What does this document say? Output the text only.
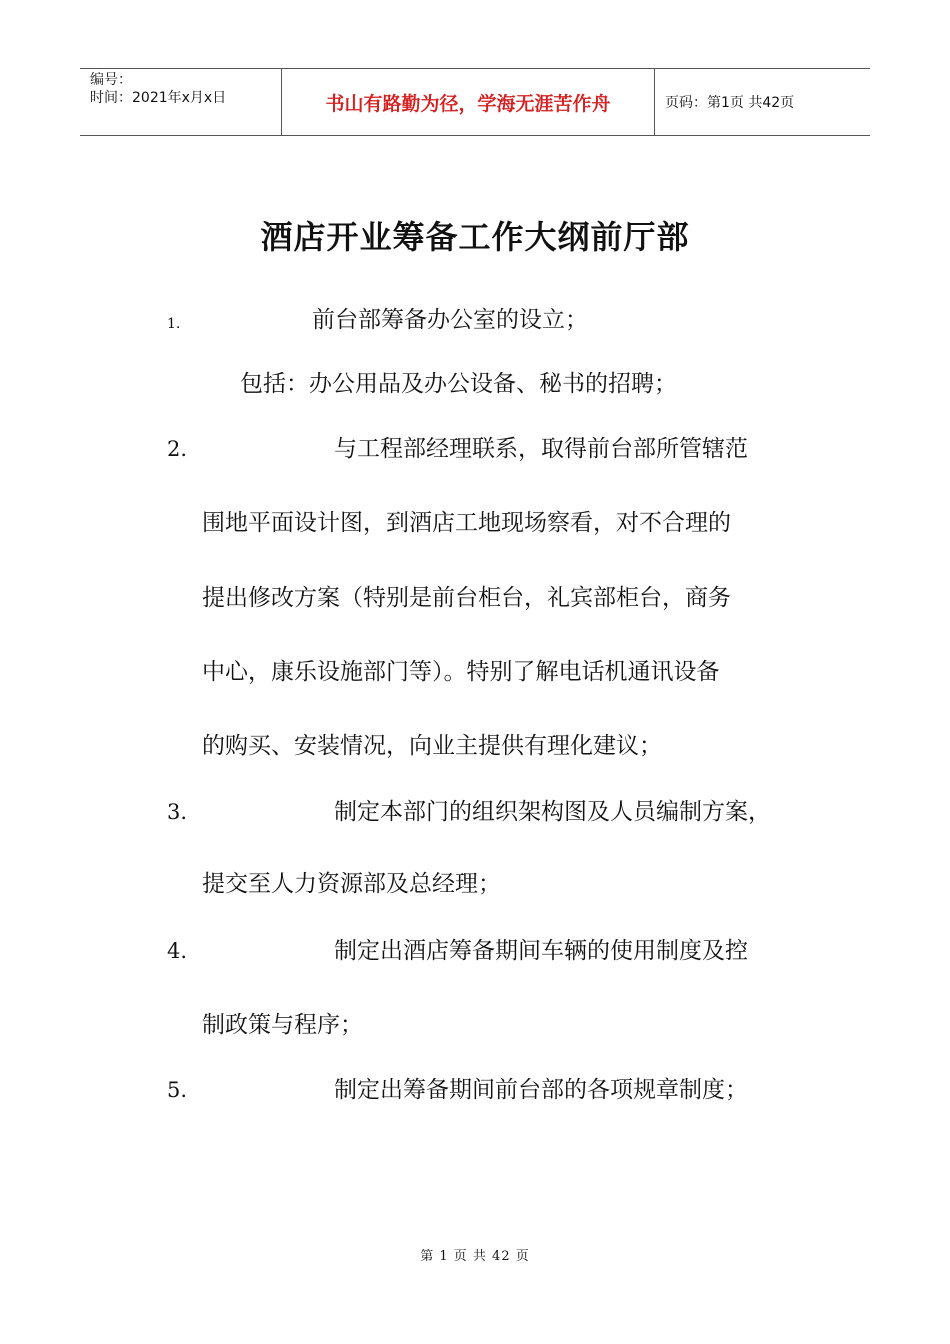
编号：
时间：2021年x月x日	书山有路勤为径，学海无涯苦作舟	页码：第1页 共42页
酒店开业筹备工作大纲前厅部
1.	前台部筹备办公室的设立；
包括：办公用品及办公设备、秘书的招聘；
2.	与工程部经理联系，取得前台部所管辖范
围地平面设计图，到酒店工地现场察看，对不合理的
提出修改方案（特别是前台柜台，礼宾部柜台，商务
中心，康乐设施部门等）。特别了解电话机通讯设备
的购买、安装情况，向业主提供有理化建议；
3.	制定本部门的组织架构图及人员编制方案，
提交至人力资源部及总经理；
4.	制定出酒店筹备期间车辆的使用制度及控
制政策与程序；
5.	制定出筹备期间前台部的各项规章制度；
第 1 页 共 42 页
